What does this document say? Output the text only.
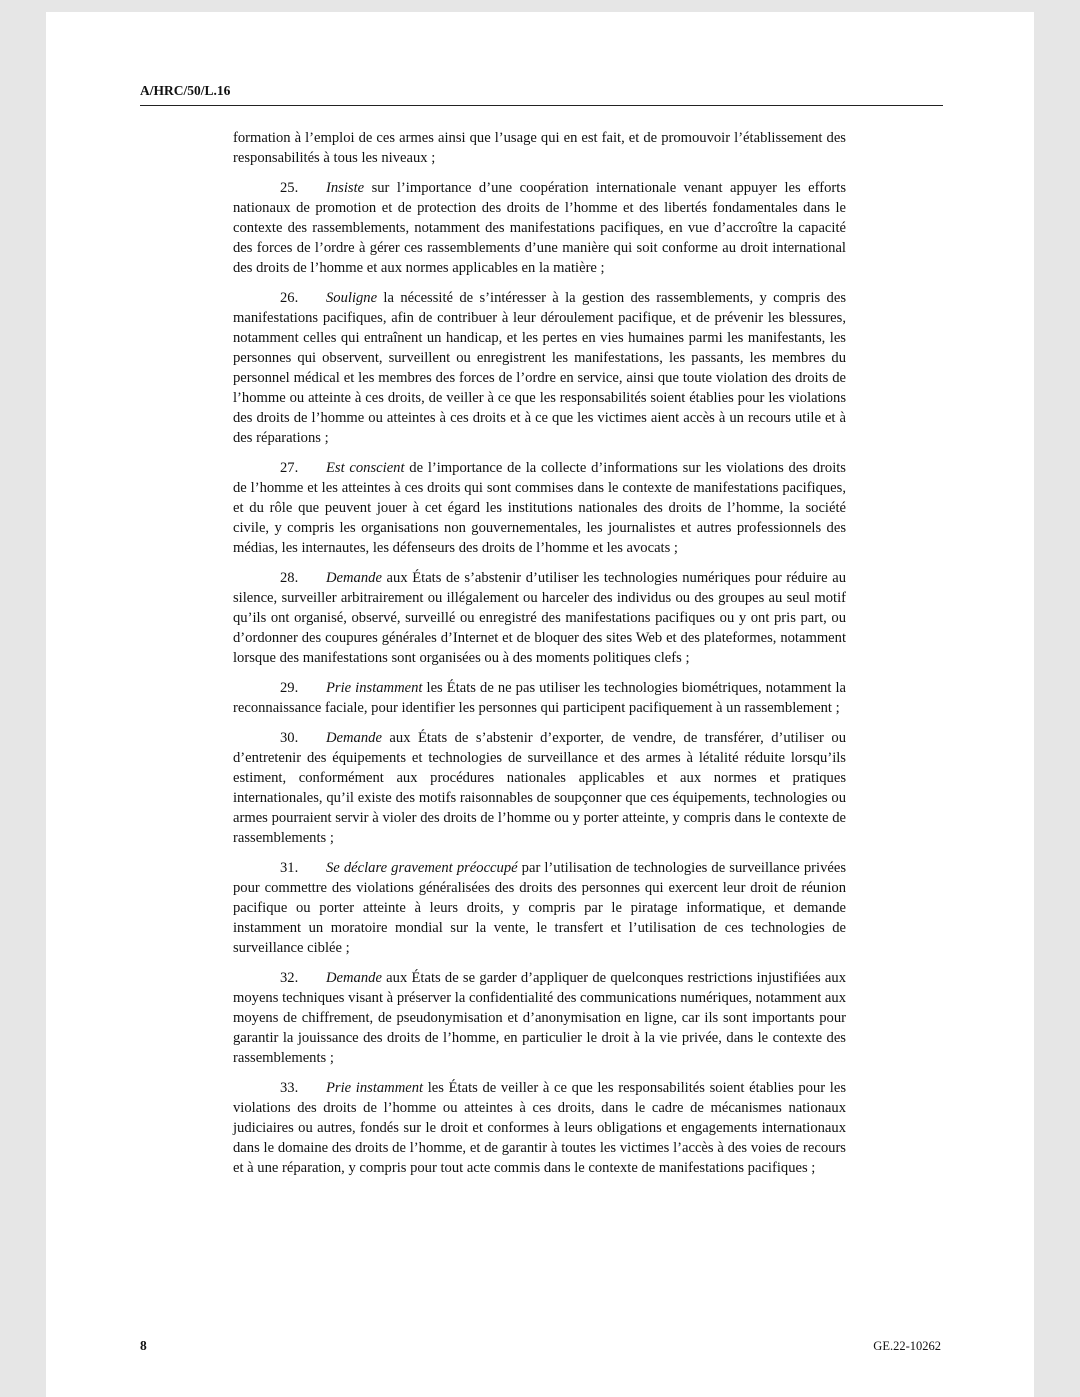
A/HRC/50/L.16

formation à l’emploi de ces armes ainsi que l’usage qui en est fait, et de promouvoir l’établissement des responsabilités à tous les niveaux ;

25. Insiste sur l’importance d’une coopération internationale venant appuyer les efforts nationaux de promotion et de protection des droits de l’homme et des libertés fondamentales dans le contexte des rassemblements, notamment des manifestations pacifiques, en vue d’accroître la capacité des forces de l’ordre à gérer ces rassemblements d’une manière qui soit conforme au droit international des droits de l’homme et aux normes applicables en la matière ;

26. Souligne la nécessité de s’intéresser à la gestion des rassemblements, y compris des manifestations pacifiques, afin de contribuer à leur déroulement pacifique, et de prévenir les blessures, notamment celles qui entraînent un handicap, et les pertes en vies humaines parmi les manifestants, les personnes qui observent, surveillent ou enregistrent les manifestations, les passants, les membres du personnel médical et les membres des forces de l’ordre en service, ainsi que toute violation des droits de l’homme ou atteinte à ces droits, de veiller à ce que les responsabilités soient établies pour les violations des droits de l’homme ou atteintes à ces droits et à ce que les victimes aient accès à un recours utile et à des réparations ;

27. Est conscient de l’importance de la collecte d’informations sur les violations des droits de l’homme et les atteintes à ces droits qui sont commises dans le contexte de manifestations pacifiques, et du rôle que peuvent jouer à cet égard les institutions nationales des droits de l’homme, la société civile, y compris les organisations non gouvernementales, les journalistes et autres professionnels des médias, les internautes, les défenseurs des droits de l’homme et les avocats ;

28. Demande aux États de s’abstenir d’utiliser les technologies numériques pour réduire au silence, surveiller arbitrairement ou illégalement ou harceler des individus ou des groupes au seul motif qu’ils ont organisé, observé, surveillé ou enregistré des manifestations pacifiques ou y ont pris part, ou d’ordonner des coupures générales d’Internet et de bloquer des sites Web et des plateformes, notamment lorsque des manifestations sont organisées ou à des moments politiques clefs ;

29. Prie instamment les États de ne pas utiliser les technologies biométriques, notamment la reconnaissance faciale, pour identifier les personnes qui participent pacifiquement à un rassemblement ;

30. Demande aux États de s’abstenir d’exporter, de vendre, de transférer, d’utiliser ou d’entretenir des équipements et technologies de surveillance et des armes à létalité réduite lorsqu’ils estiment, conformément aux procédures nationales applicables et aux normes et pratiques internationales, qu’il existe des motifs raisonnables de soupçonner que ces équipements, technologies ou armes pourraient servir à violer des droits de l’homme ou y porter atteinte, y compris dans le contexte de rassemblements ;

31. Se déclare gravement préoccupé par l’utilisation de technologies de surveillance privées pour commettre des violations généralisées des droits des personnes qui exercent leur droit de réunion pacifique ou porter atteinte à leurs droits, y compris par le piratage informatique, et demande instamment un moratoire mondial sur la vente, le transfert et l’utilisation de ces technologies de surveillance ciblée ;

32. Demande aux États de se garder d’appliquer de quelconques restrictions injustifiées aux moyens techniques visant à préserver la confidentialité des communications numériques, notamment aux moyens de chiffrement, de pseudonymisation et d’anonymisation en ligne, car ils sont importants pour garantir la jouissance des droits de l’homme, en particulier le droit à la vie privée, dans le contexte des rassemblements ;

33. Prie instamment les États de veiller à ce que les responsabilités soient établies pour les violations des droits de l’homme ou atteintes à ces droits, dans le cadre de mécanismes nationaux judiciaires ou autres, fondés sur le droit et conformes à leurs obligations et engagements internationaux dans le domaine des droits de l’homme, et de garantir à toutes les victimes l’accès à des voies de recours et à une réparation, y compris pour tout acte commis dans le contexte de manifestations pacifiques ;

8	GE.22-10262
